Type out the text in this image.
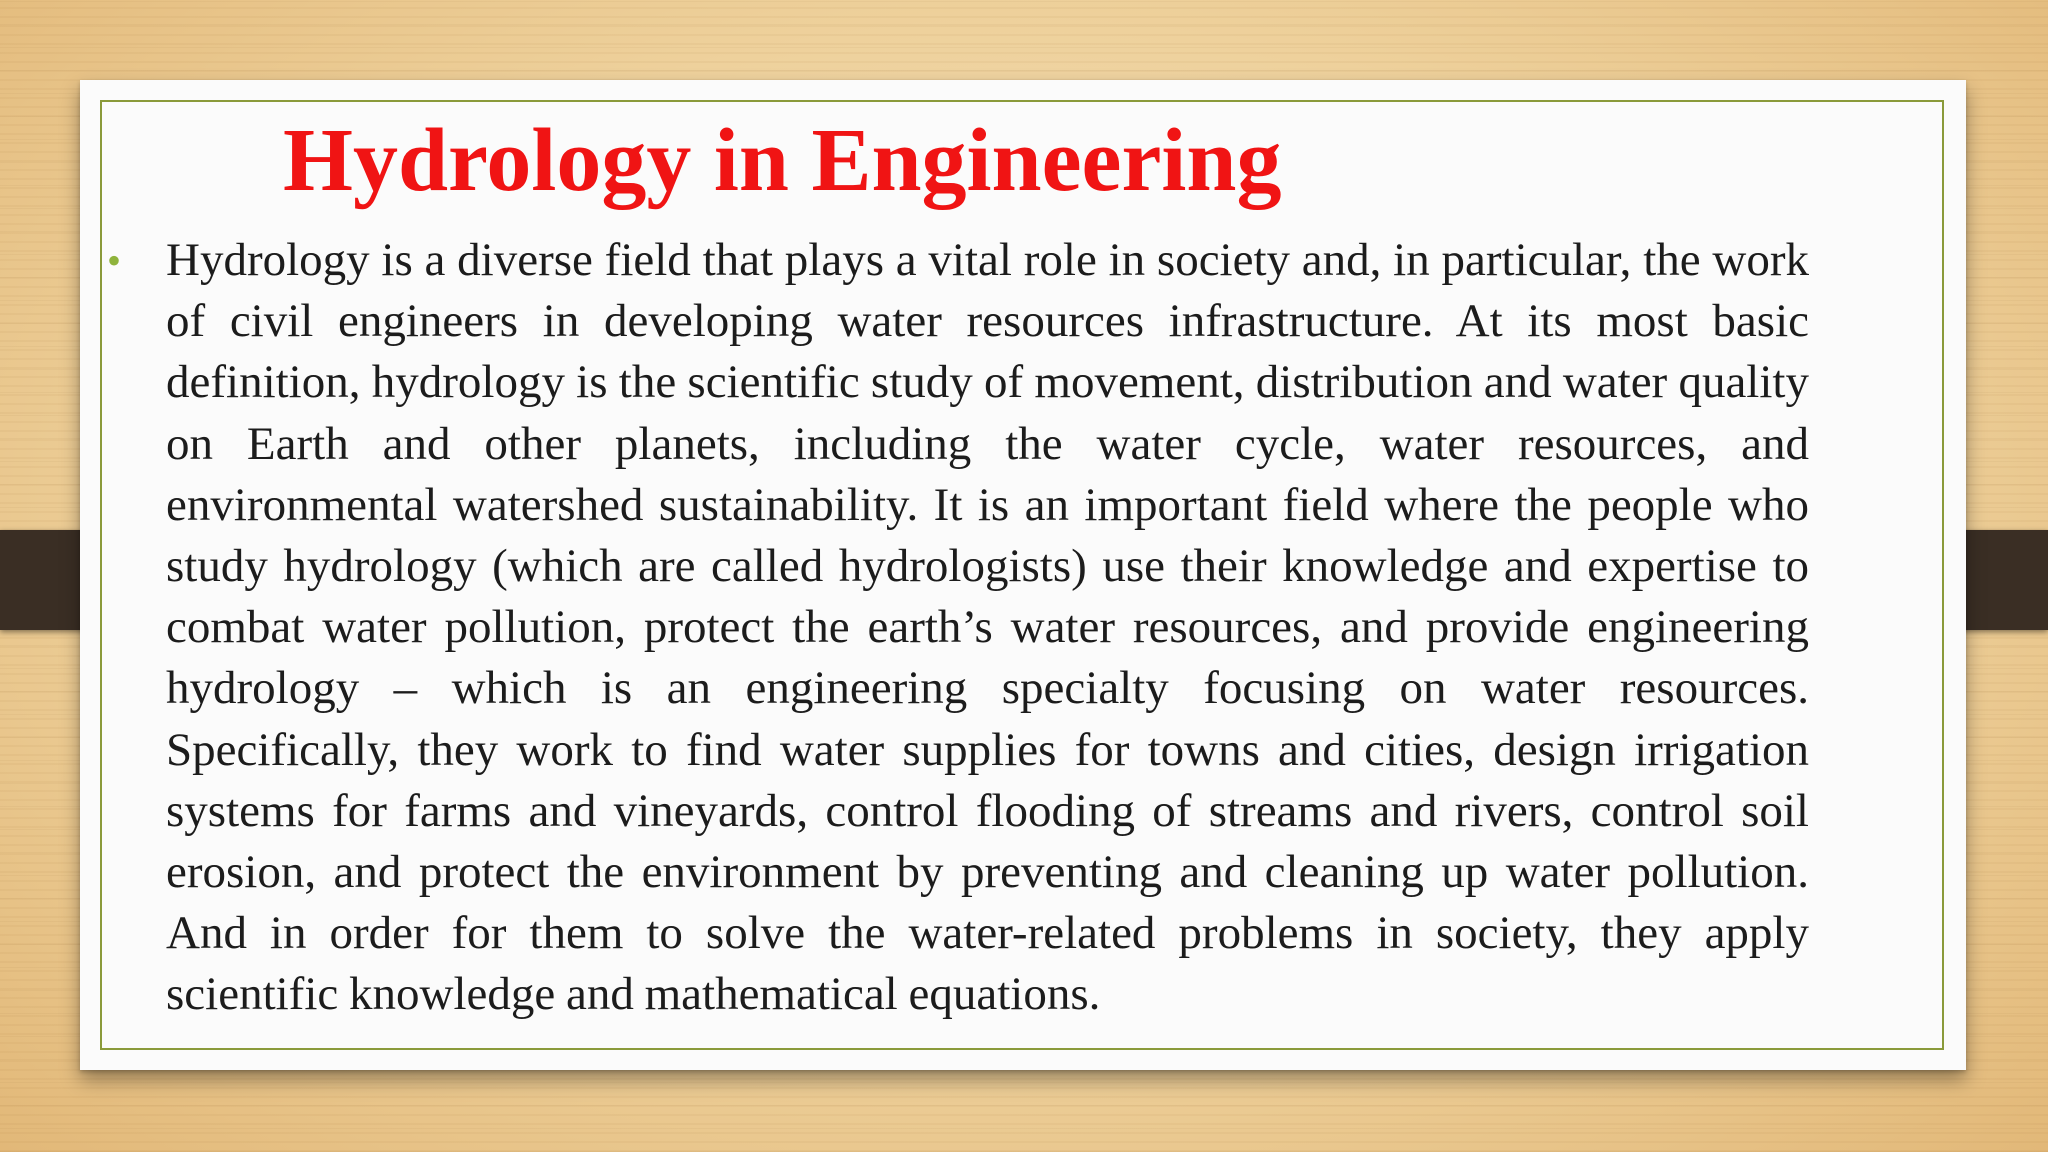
Hydrology in Engineering
• Hydrology is a diverse field that plays a vital role in society and, in particular, the work of civil engineers in developing water resources infrastructure. At its most basic definition, hydrology is the scientific study of movement, distribution and water quality on Earth and other planets, including the water cycle, water resources, and environmental watershed sustainability. It is an important field where the people who study hydrology (which are called hydrologists) use their knowledge and expertise to combat water pollution, protect the earth’s water resources, and provide engineering hydrology – which is an engineering specialty focusing on water resources. Specifically, they work to find water supplies for towns and cities, design irrigation systems for farms and vineyards, control flooding of streams and rivers, control soil erosion, and protect the environment by preventing and cleaning up water pollution. And in order for them to solve the water-related problems in society, they apply scientific knowledge and mathematical equations.
